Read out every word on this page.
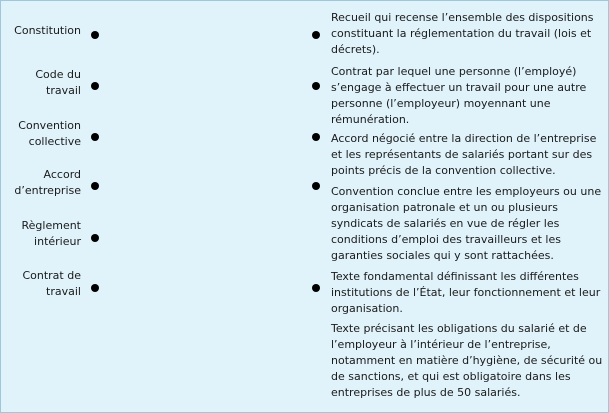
Constitution
Code du travail
Convention collective
Accord d’entreprise
Règlement intérieur
Contrat de travail
Recueil qui recense l’ensemble des dispositions constituant la réglementation du travail (lois et décrets).
Contrat par lequel une personne (l’employé) s’engage à effectuer un travail pour une autre personne (l’employeur) moyennant une rémunération.
Accord négocié entre la direction de l’entreprise et les représentants de salariés portant sur des points précis de la convention collective.
Convention conclue entre les employeurs ou une organisation patronale et un ou plusieurs syndicats de salariés en vue de régler les conditions d’emploi des travailleurs et les garanties sociales qui y sont rattachées.
Texte fondamental définissant les différentes institutions de l’État, leur fonctionnement et leur organisation.
Texte précisant les obligations du salarié et de l’employeur à l’intérieur de l’entreprise, notamment en matière d’hygiène, de sécurité ou de sanctions, et qui est obligatoire dans les entreprises de plus de 50 salariés.
